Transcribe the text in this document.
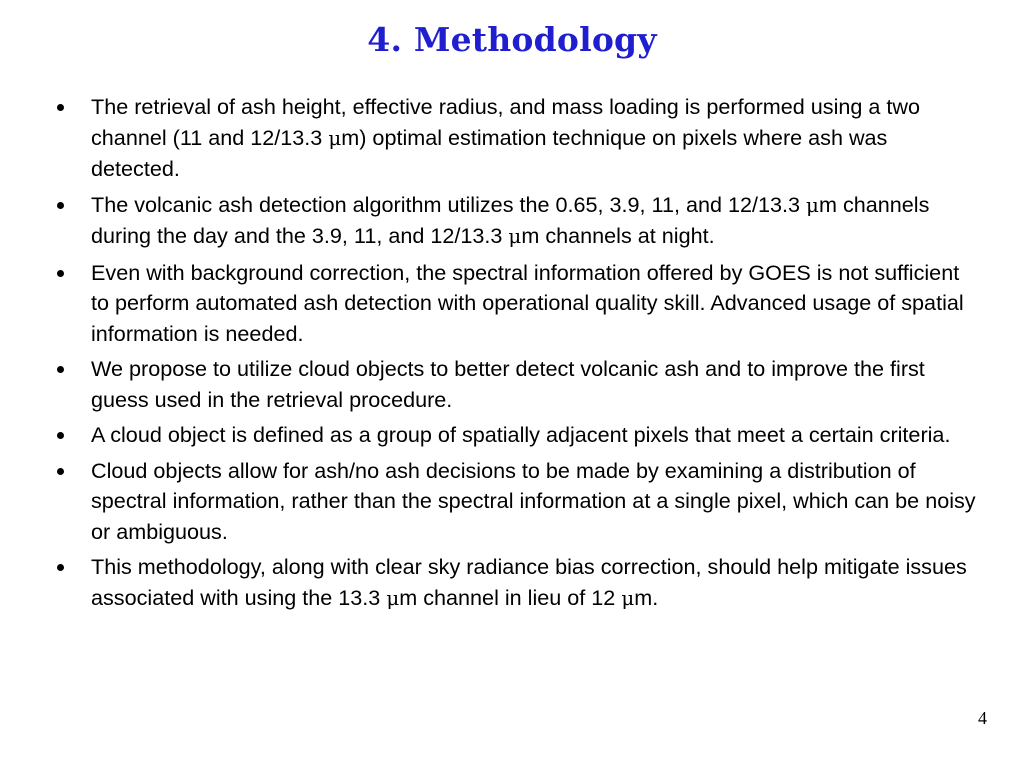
4. Methodology
The retrieval of ash height, effective radius, and mass loading is performed using a two channel (11 and 12/13.3 μm) optimal estimation technique on pixels where ash was detected.
The volcanic ash detection algorithm utilizes the 0.65, 3.9, 11, and 12/13.3 μm channels during the day and the 3.9, 11, and 12/13.3 μm channels at night.
Even with background correction, the spectral information offered by GOES is not sufficient to perform automated ash detection with operational quality skill. Advanced usage of spatial information is needed.
We propose to utilize cloud objects to better detect volcanic ash and to improve the first guess used in the retrieval procedure.
A cloud object is defined as a group of spatially adjacent pixels that meet a certain criteria.
Cloud objects allow for ash/no ash decisions to be made by examining a distribution of spectral information, rather than the spectral information at a single pixel, which can be noisy or ambiguous.
This methodology, along with clear sky radiance bias correction, should help mitigate issues associated with using the 13.3 μm channel in lieu of 12 μm.
4
